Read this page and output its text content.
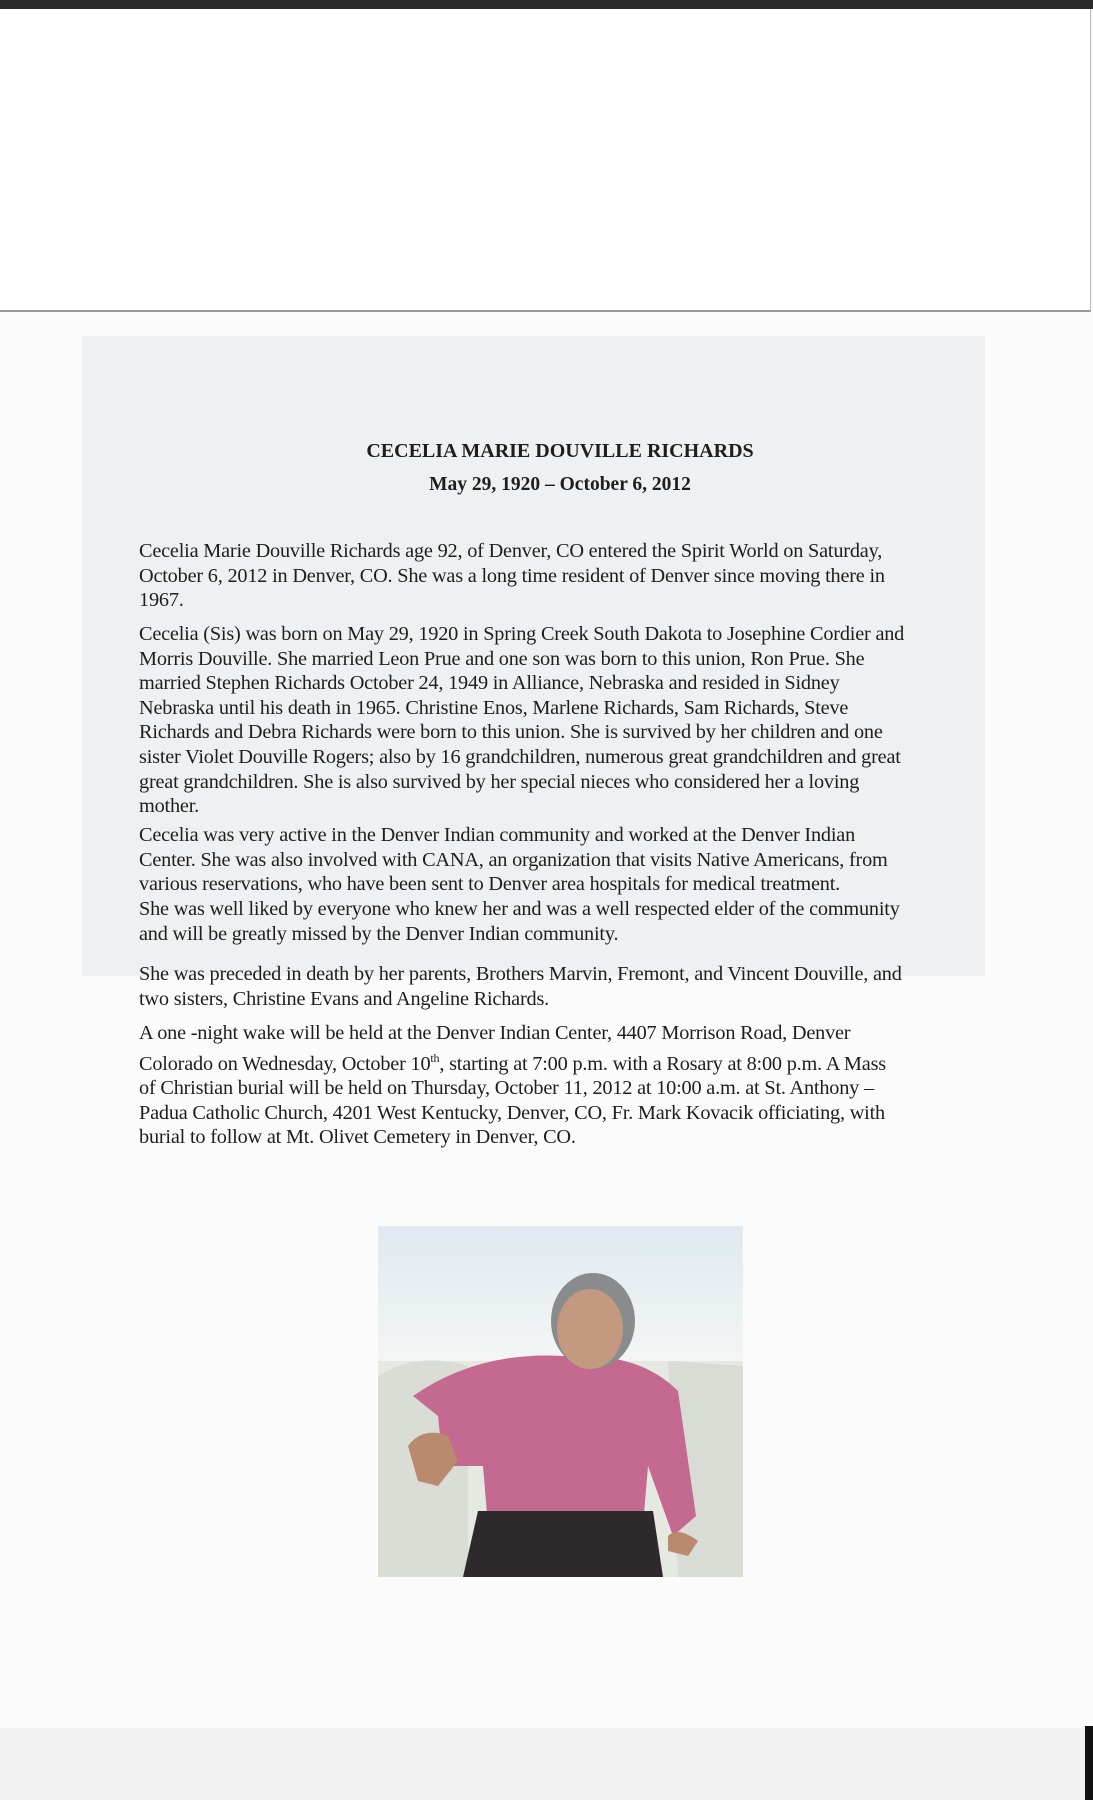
CECELIA MARIE DOUVILLE RICHARDS
May 29, 1920 – October 6, 2012
Cecelia Marie Douville Richards age 92, of Denver, CO entered the Spirit World on Saturday,
October 6, 2012 in Denver, CO. She was a long time resident of Denver since moving there in
1967.
Cecelia (Sis) was born on May 29, 1920 in Spring Creek South Dakota to Josephine Cordier and
Morris Douville. She married Leon Prue and one son was born to this union, Ron Prue. She
married Stephen Richards October 24, 1949 in Alliance, Nebraska and resided in Sidney
Nebraska until his death in 1965. Christine Enos, Marlene Richards, Sam Richards, Steve
Richards and Debra Richards were born to this union. She is survived by her children and one
sister Violet Douville Rogers; also by 16 grandchildren, numerous great grandchildren and great
great grandchildren. She is also survived by her special nieces who considered her a loving
mother.
Cecelia was very active in the Denver Indian community and worked at the Denver Indian
Center. She was also involved with CANA, an organization that visits Native Americans, from
various reservations, who have been sent to Denver area hospitals for medical treatment.
She was well liked by everyone who knew her and was a well respected elder of the community
and will be greatly missed by the Denver Indian community.
She was preceded in death by her parents, Brothers Marvin, Fremont, and Vincent Douville, and
two sisters, Christine Evans and Angeline Richards.
A one -night wake will be held at the Denver Indian Center, 4407 Morrison Road, Denver
Colorado on Wednesday, October 10th, starting at 7:00 p.m. with a Rosary at 8:00 p.m. A Mass
of Christian burial will be held on Thursday, October 11, 2012 at 10:00 a.m. at St. Anthony –
Padua Catholic Church, 4201 West Kentucky, Denver, CO, Fr. Mark Kovacik officiating, with
burial to follow at Mt. Olivet Cemetery in Denver, CO.
